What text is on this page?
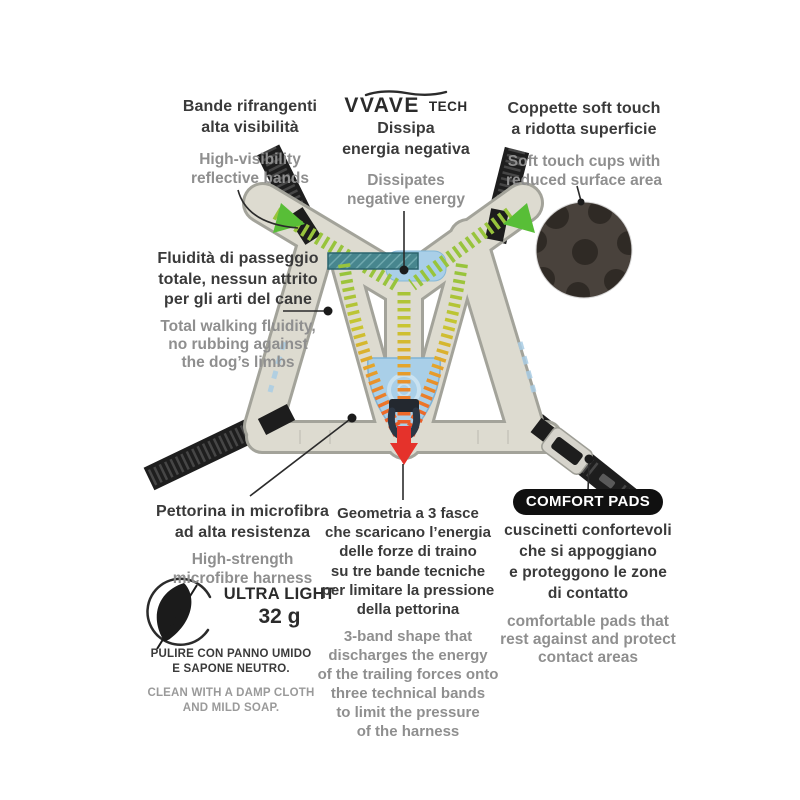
Bande rifrangenti
alta visibilità
High-visibility
reflective bands
VVAVE TECH
Dissipa
energia negativa
Dissipates
negative energy
Coppette soft touch
a ridotta superficie
Soft touch cups with
reduced surface area
Fluidità di passeggio
totale, nessun attrito
per gli arti del cane
Total walking fluidity,
no rubbing against
the dog’s limbs
Pettorina in microfibra
ad alta resistenza
High-strength
microfibre harness
ULTRA LIGHT
32 g
PULIRE CON PANNO UMIDO
E SAPONE NEUTRO.
CLEAN WITH A DAMP CLOTH
AND MILD SOAP.
Geometria a 3 fasce
che scaricano l’energia
delle forze di traino
su tre bande tecniche
per limitare la pressione
della pettorina
3-band shape that
discharges the energy
of the trailing forces onto
three technical bands
to limit the pressure
of the harness
COMFORT PADS
cuscinetti confortevoli
che si appoggiano
e proteggono le zone
di contatto
comfortable pads that
rest against and protect
contact areas
